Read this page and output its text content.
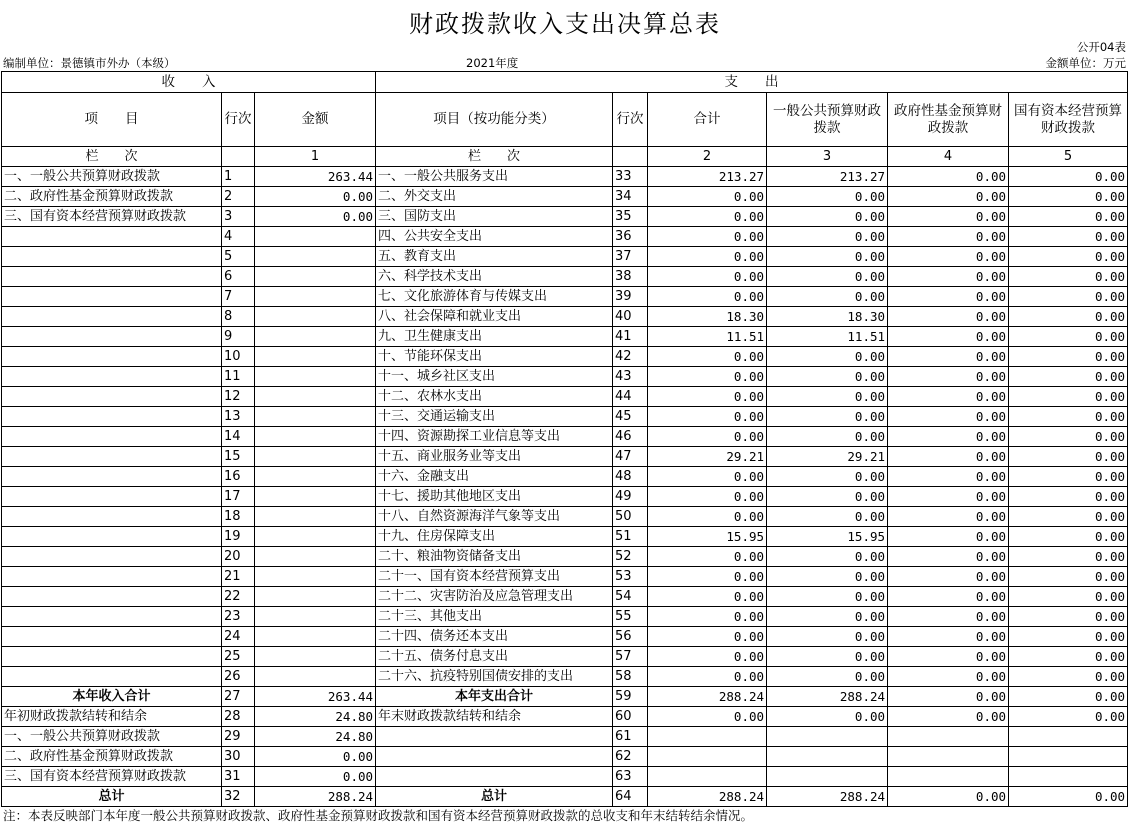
财政拨款收入支出决算总表
公开04表
编制单位：景德镇市外办（本级）	2021年度	金额单位：万元
收　　入			支　　出					
项　　目	行次	金额	项目（按功能分类）	行次	合计	一般公共预算财政拨款	政府性基金预算财政拨款	国有资本经营预算财政拨款
栏　　次		1	栏　　次		2	3	4	5
一、一般公共预算财政拨款	1	263.44	一、一般公共服务支出	33	213.27	213.27	0.00	0.00
二、政府性基金预算财政拨款	2	0.00	二、外交支出	34	0.00	0.00	0.00	0.00
三、国有资本经营预算财政拨款	3	0.00	三、国防支出	35	0.00	0.00	0.00	0.00
	4		四、公共安全支出	36	0.00	0.00	0.00	0.00
	5		五、教育支出	37	0.00	0.00	0.00	0.00
	6		六、科学技术支出	38	0.00	0.00	0.00	0.00
	7		七、文化旅游体育与传媒支出	39	0.00	0.00	0.00	0.00
	8		八、社会保障和就业支出	40	18.30	18.30	0.00	0.00
	9		九、卫生健康支出	41	11.51	11.51	0.00	0.00
	10		十、节能环保支出	42	0.00	0.00	0.00	0.00
	11		十一、城乡社区支出	43	0.00	0.00	0.00	0.00
	12		十二、农林水支出	44	0.00	0.00	0.00	0.00
	13		十三、交通运输支出	45	0.00	0.00	0.00	0.00
	14		十四、资源勘探工业信息等支出	46	0.00	0.00	0.00	0.00
	15		十五、商业服务业等支出	47	29.21	29.21	0.00	0.00
	16		十六、金融支出	48	0.00	0.00	0.00	0.00
	17		十七、援助其他地区支出	49	0.00	0.00	0.00	0.00
	18		十八、自然资源海洋气象等支出	50	0.00	0.00	0.00	0.00
	19		十九、住房保障支出	51	15.95	15.95	0.00	0.00
	20		二十、粮油物资储备支出	52	0.00	0.00	0.00	0.00
	21		二十一、国有资本经营预算支出	53	0.00	0.00	0.00	0.00
	22		二十二、灾害防治及应急管理支出	54	0.00	0.00	0.00	0.00
	23		二十三、其他支出	55	0.00	0.00	0.00	0.00
	24		二十四、债务还本支出	56	0.00	0.00	0.00	0.00
	25		二十五、债务付息支出	57	0.00	0.00	0.00	0.00
	26		二十六、抗疫特别国债安排的支出	58	0.00	0.00	0.00	0.00
本年收入合计	27	263.44	本年支出合计	59	288.24	288.24	0.00	0.00
年初财政拨款结转和结余	28	24.80	年末财政拨款结转和结余	60	0.00	0.00	0.00	0.00
一、一般公共预算财政拨款	29	24.80		61				
二、政府性基金预算财政拨款	30	0.00		62				
三、国有资本经营预算财政拨款	31	0.00		63				
总计	32	288.24	总计	64	288.24	288.24	0.00	0.00
注：本表反映部门本年度一般公共预算财政拨款、政府性基金预算财政拨款和国有资本经营预算财政拨款的总收支和年末结转结余情况。
